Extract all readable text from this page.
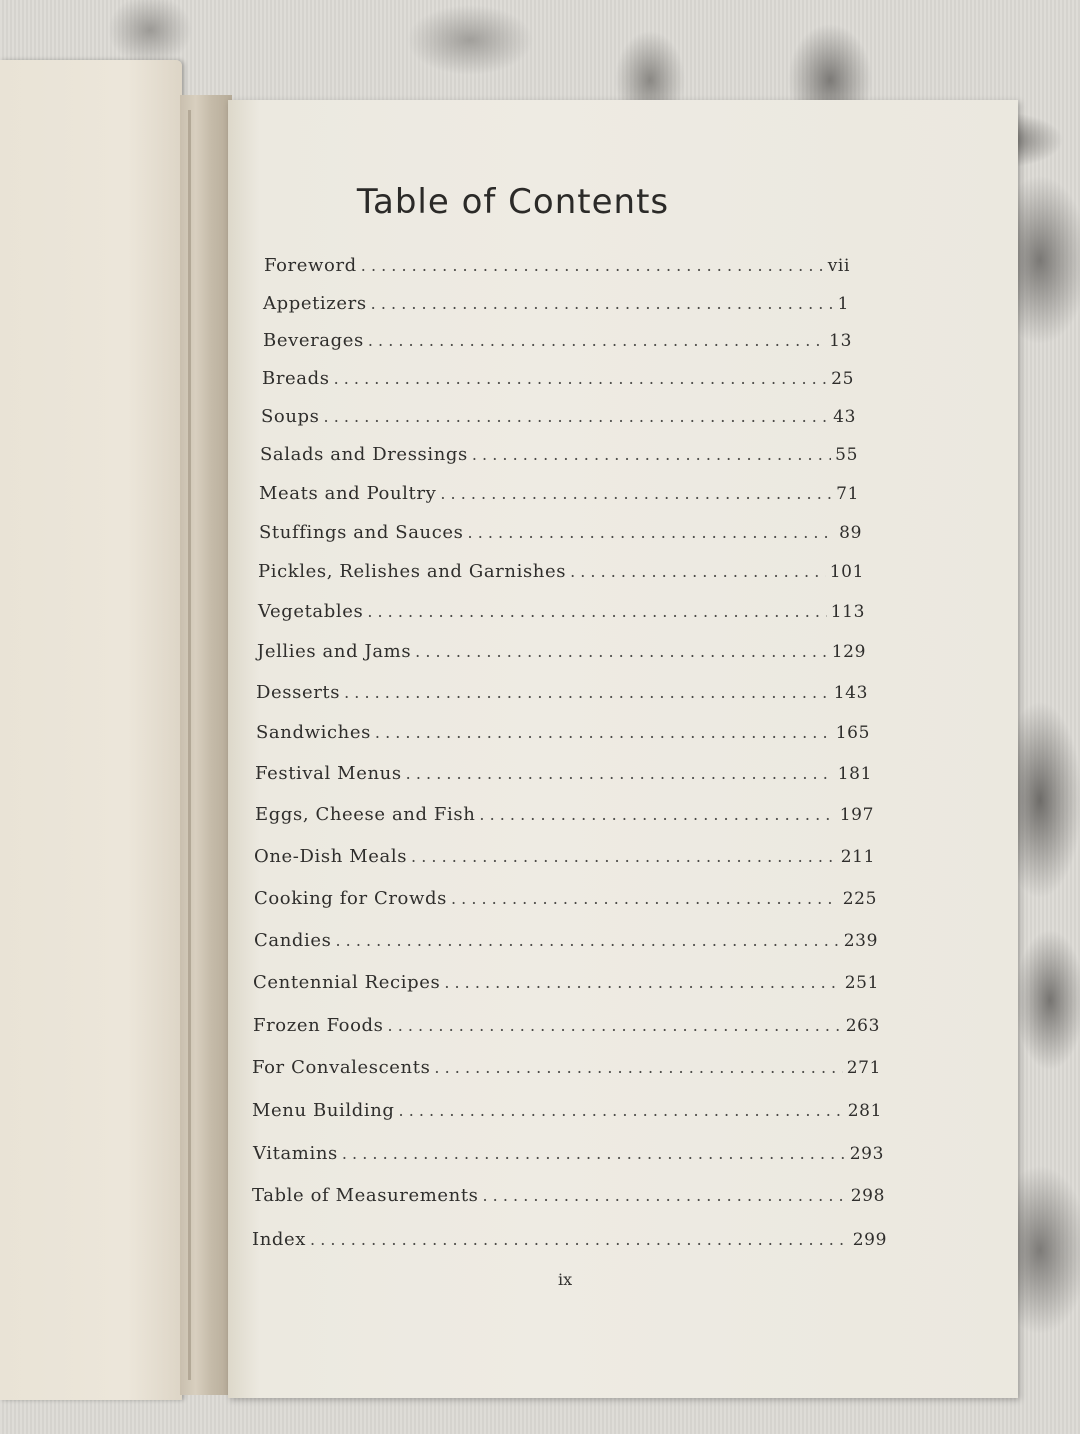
Table of Contents
Foreword . . .	vii
Appetizers . . .	1
Beverages . . .	13
Breads . . .	25
Soups . . .	43
Salads and Dressings . . .	55
Meats and Poultry . . .	71
Stuffings and Sauces . . .	89
Pickles, Relishes and Garnishes . . .	101
Vegetables . . .	113
Jellies and Jams . . .	129
Desserts . . .	143
Sandwiches . . .	165
Festival Menus . . .	181
Eggs, Cheese and Fish . . .	197
One-Dish Meals . . .	211
Cooking for Crowds . . .	225
Candies . . .	239
Centennial Recipes . . .	251
Frozen Foods . . .	263
For Convalescents . . .	271
Menu Building . . .	281
Vitamins . . .	293
Table of Measurements . . .	298
Index . . .	299
ix
